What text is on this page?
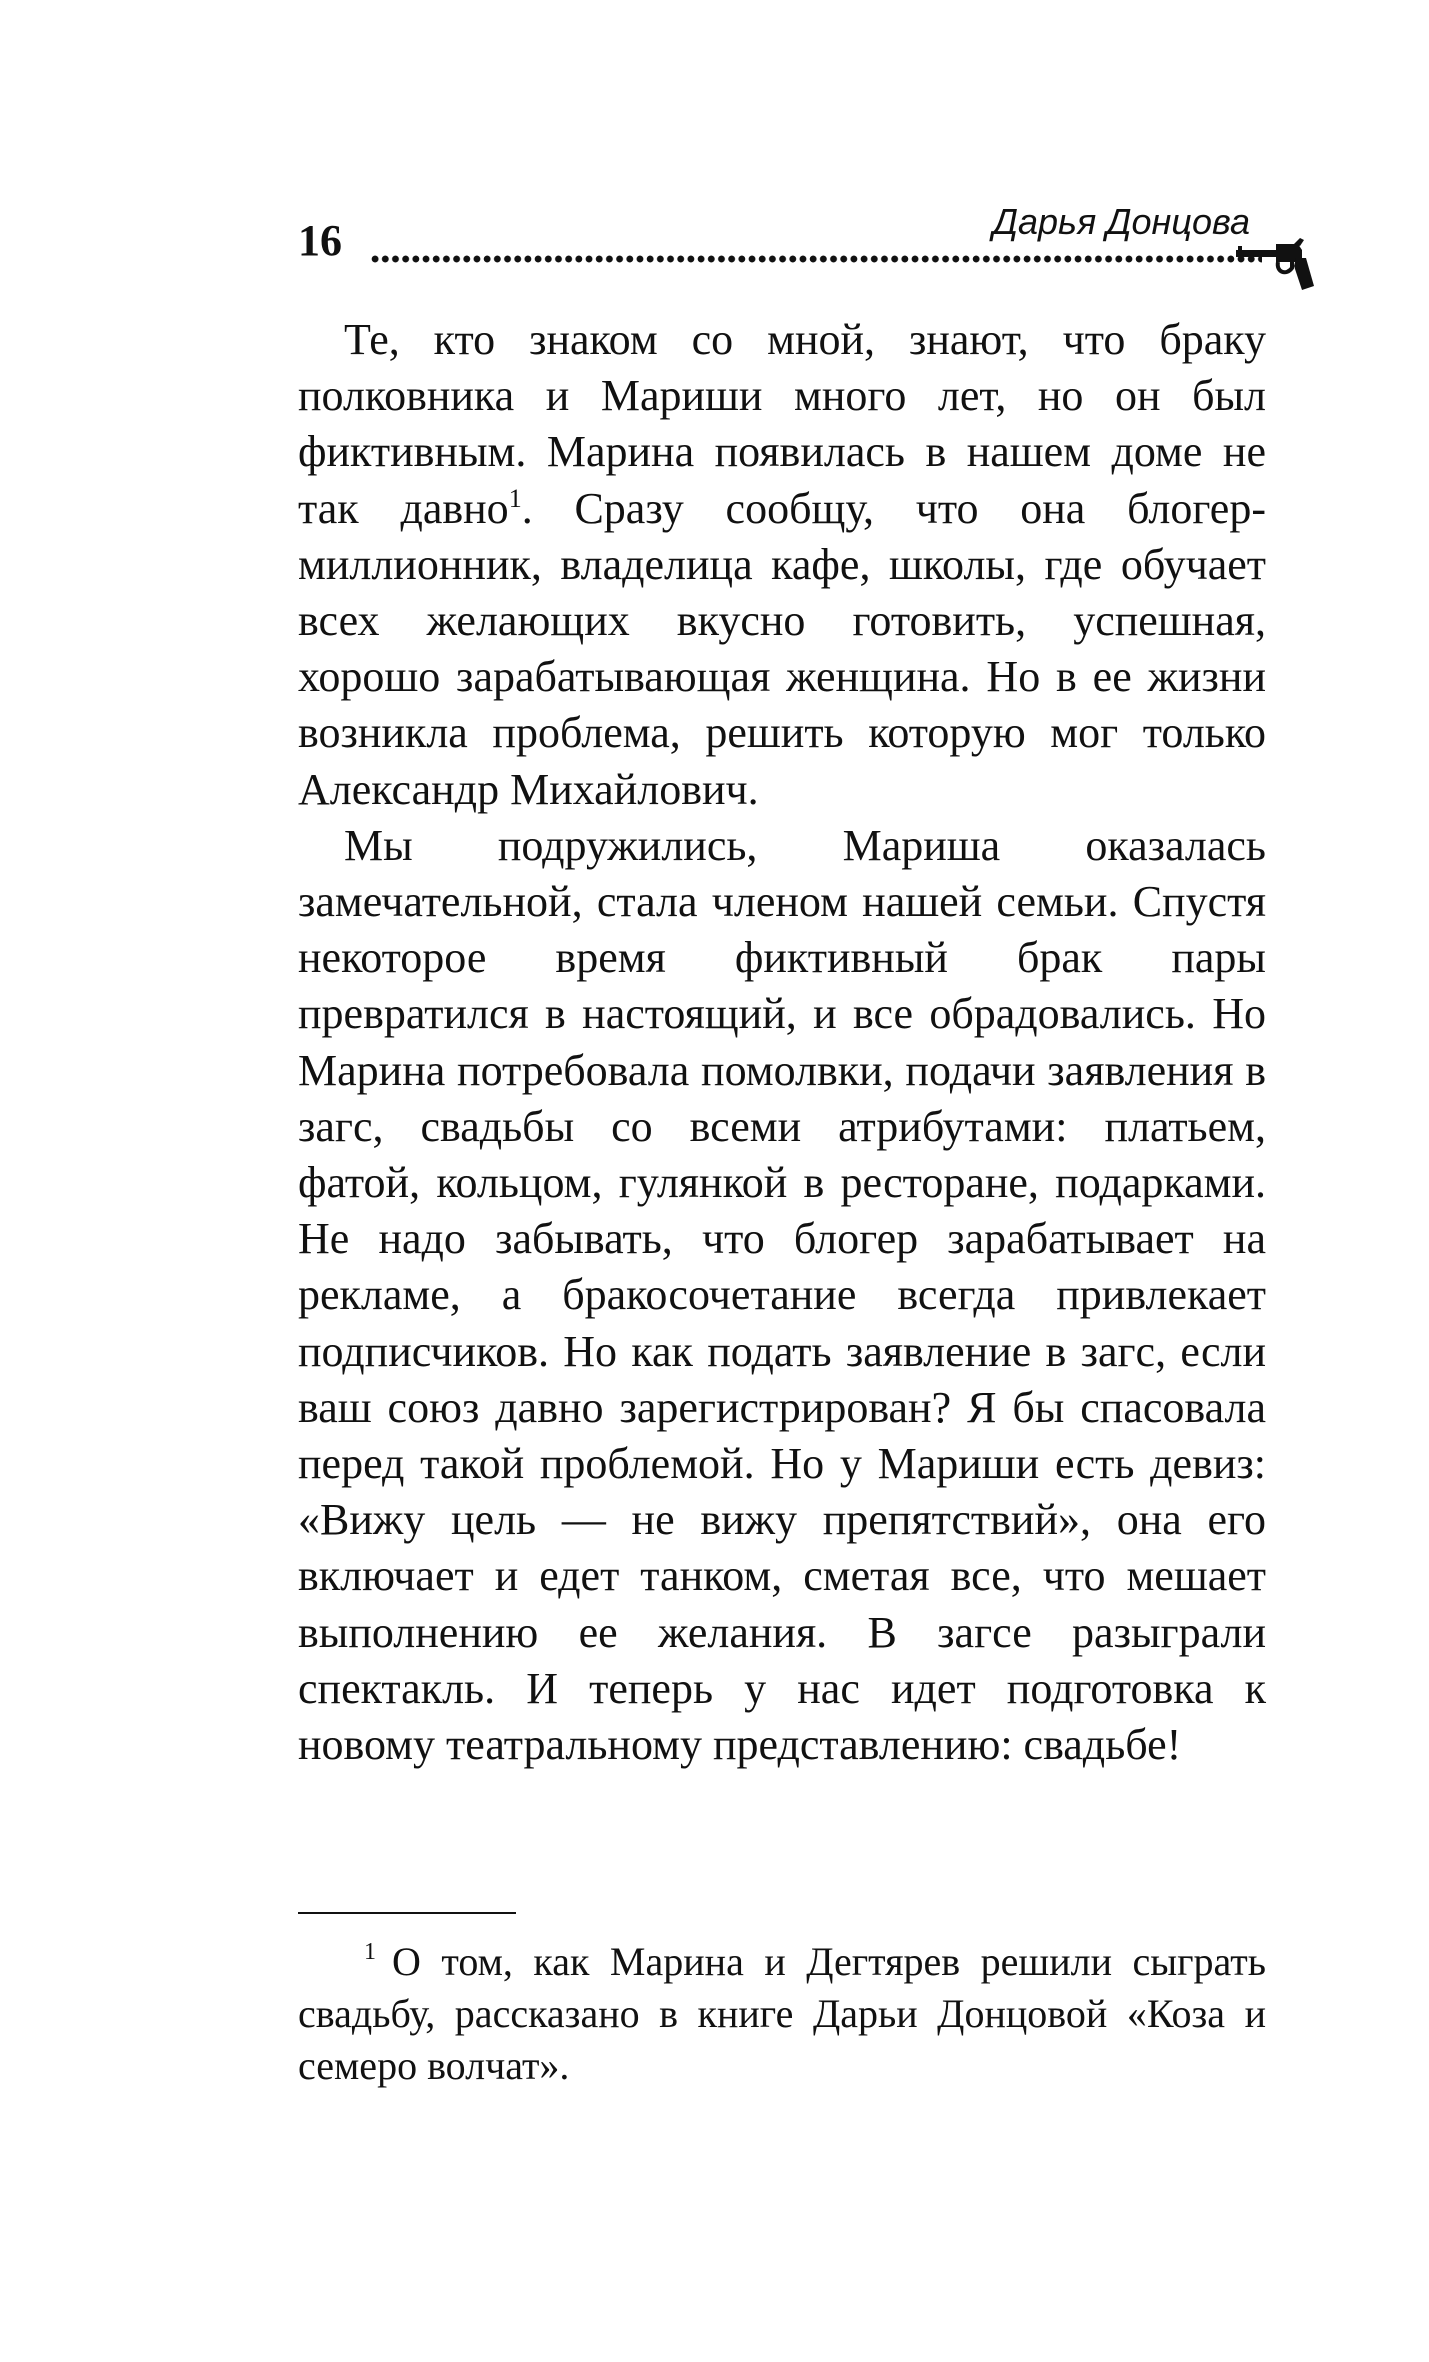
16	Дарья Донцова

Те, кто знаком со мной, знают, что браку полковника и Мариши много лет, но он был фиктивным. Марина появилась в нашем доме не так давно$^1$. Сразу сообщу, что она блогер-миллионник, владелица кафе, школы, где обучает всех желающих вкусно готовить, успешная, хорошо зарабатывающая женщина. Но в ее жизни возникла проблема, решить которую мог только Александр Михайлович.

Мы подружились, Мариша оказалась замечательной, стала членом нашей семьи. Спустя некоторое время фиктивный брак пары превратился в настоящий, и все обрадовались. Но Марина потребовала помолвки, подачи заявления в загс, свадьбы со всеми атрибутами: платьем, фатой, кольцом, гулянкой в ресторане, подарками. Не надо забывать, что блогер зарабатывает на рекламе, а бракосочетание всегда привлекает подписчиков. Но как подать заявление в загс, если ваш союз давно зарегистрирован? Я бы спасовала перед такой проблемой. Но у Мариши есть девиз: «Вижу цель — не вижу препятствий», она его включает и едет танком, сметая все, что мешает выполнению ее желания. В загсе разыграли спектакль. И теперь у нас идет подготовка к новому театральному представлению: свадьбе!

$^1$ О том, как Марина и Дегтярев решили сыграть свадьбу, рассказано в книге Дарьи Донцовой «Коза и семеро волчат».
